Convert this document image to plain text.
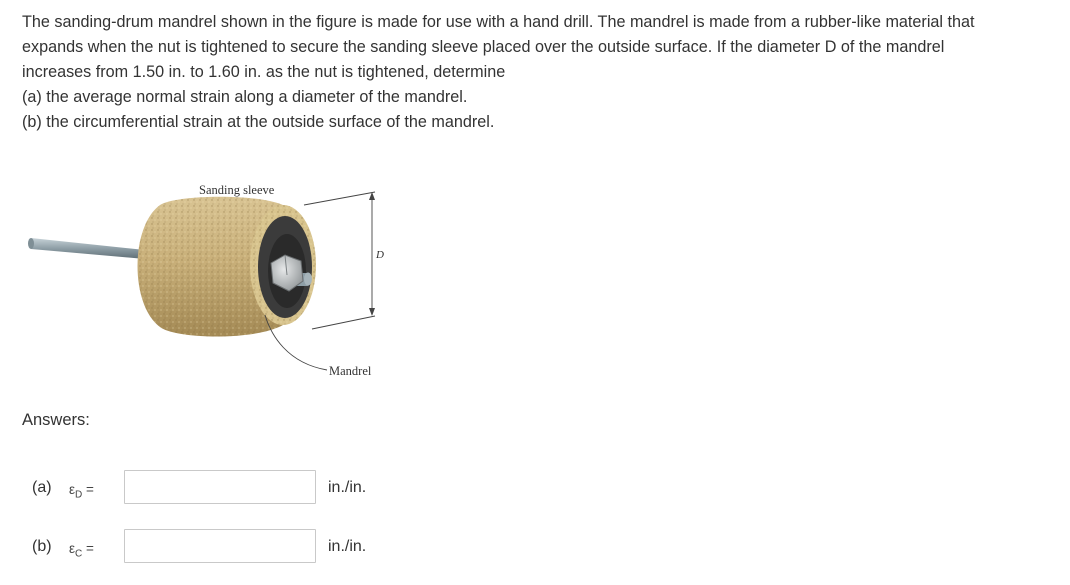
The sanding-drum mandrel shown in the figure is made for use with a hand drill. The mandrel is made from a rubber-like material that

expands when the nut is tightened to secure the sanding sleeve placed over the outside surface. If the diameter D of the mandrel

increases from 1.50 in. to 1.60 in. as the nut is tightened, determine

(a) the average normal strain along a diameter of the mandrel.

(b) the circumferential strain at the outside surface of the mandrel.

Sanding sleeve
D
Mandrel
Answers:
(a) $\varepsilon_D$ =	in./in.
(b) $\varepsilon_C$ =	in./in.
